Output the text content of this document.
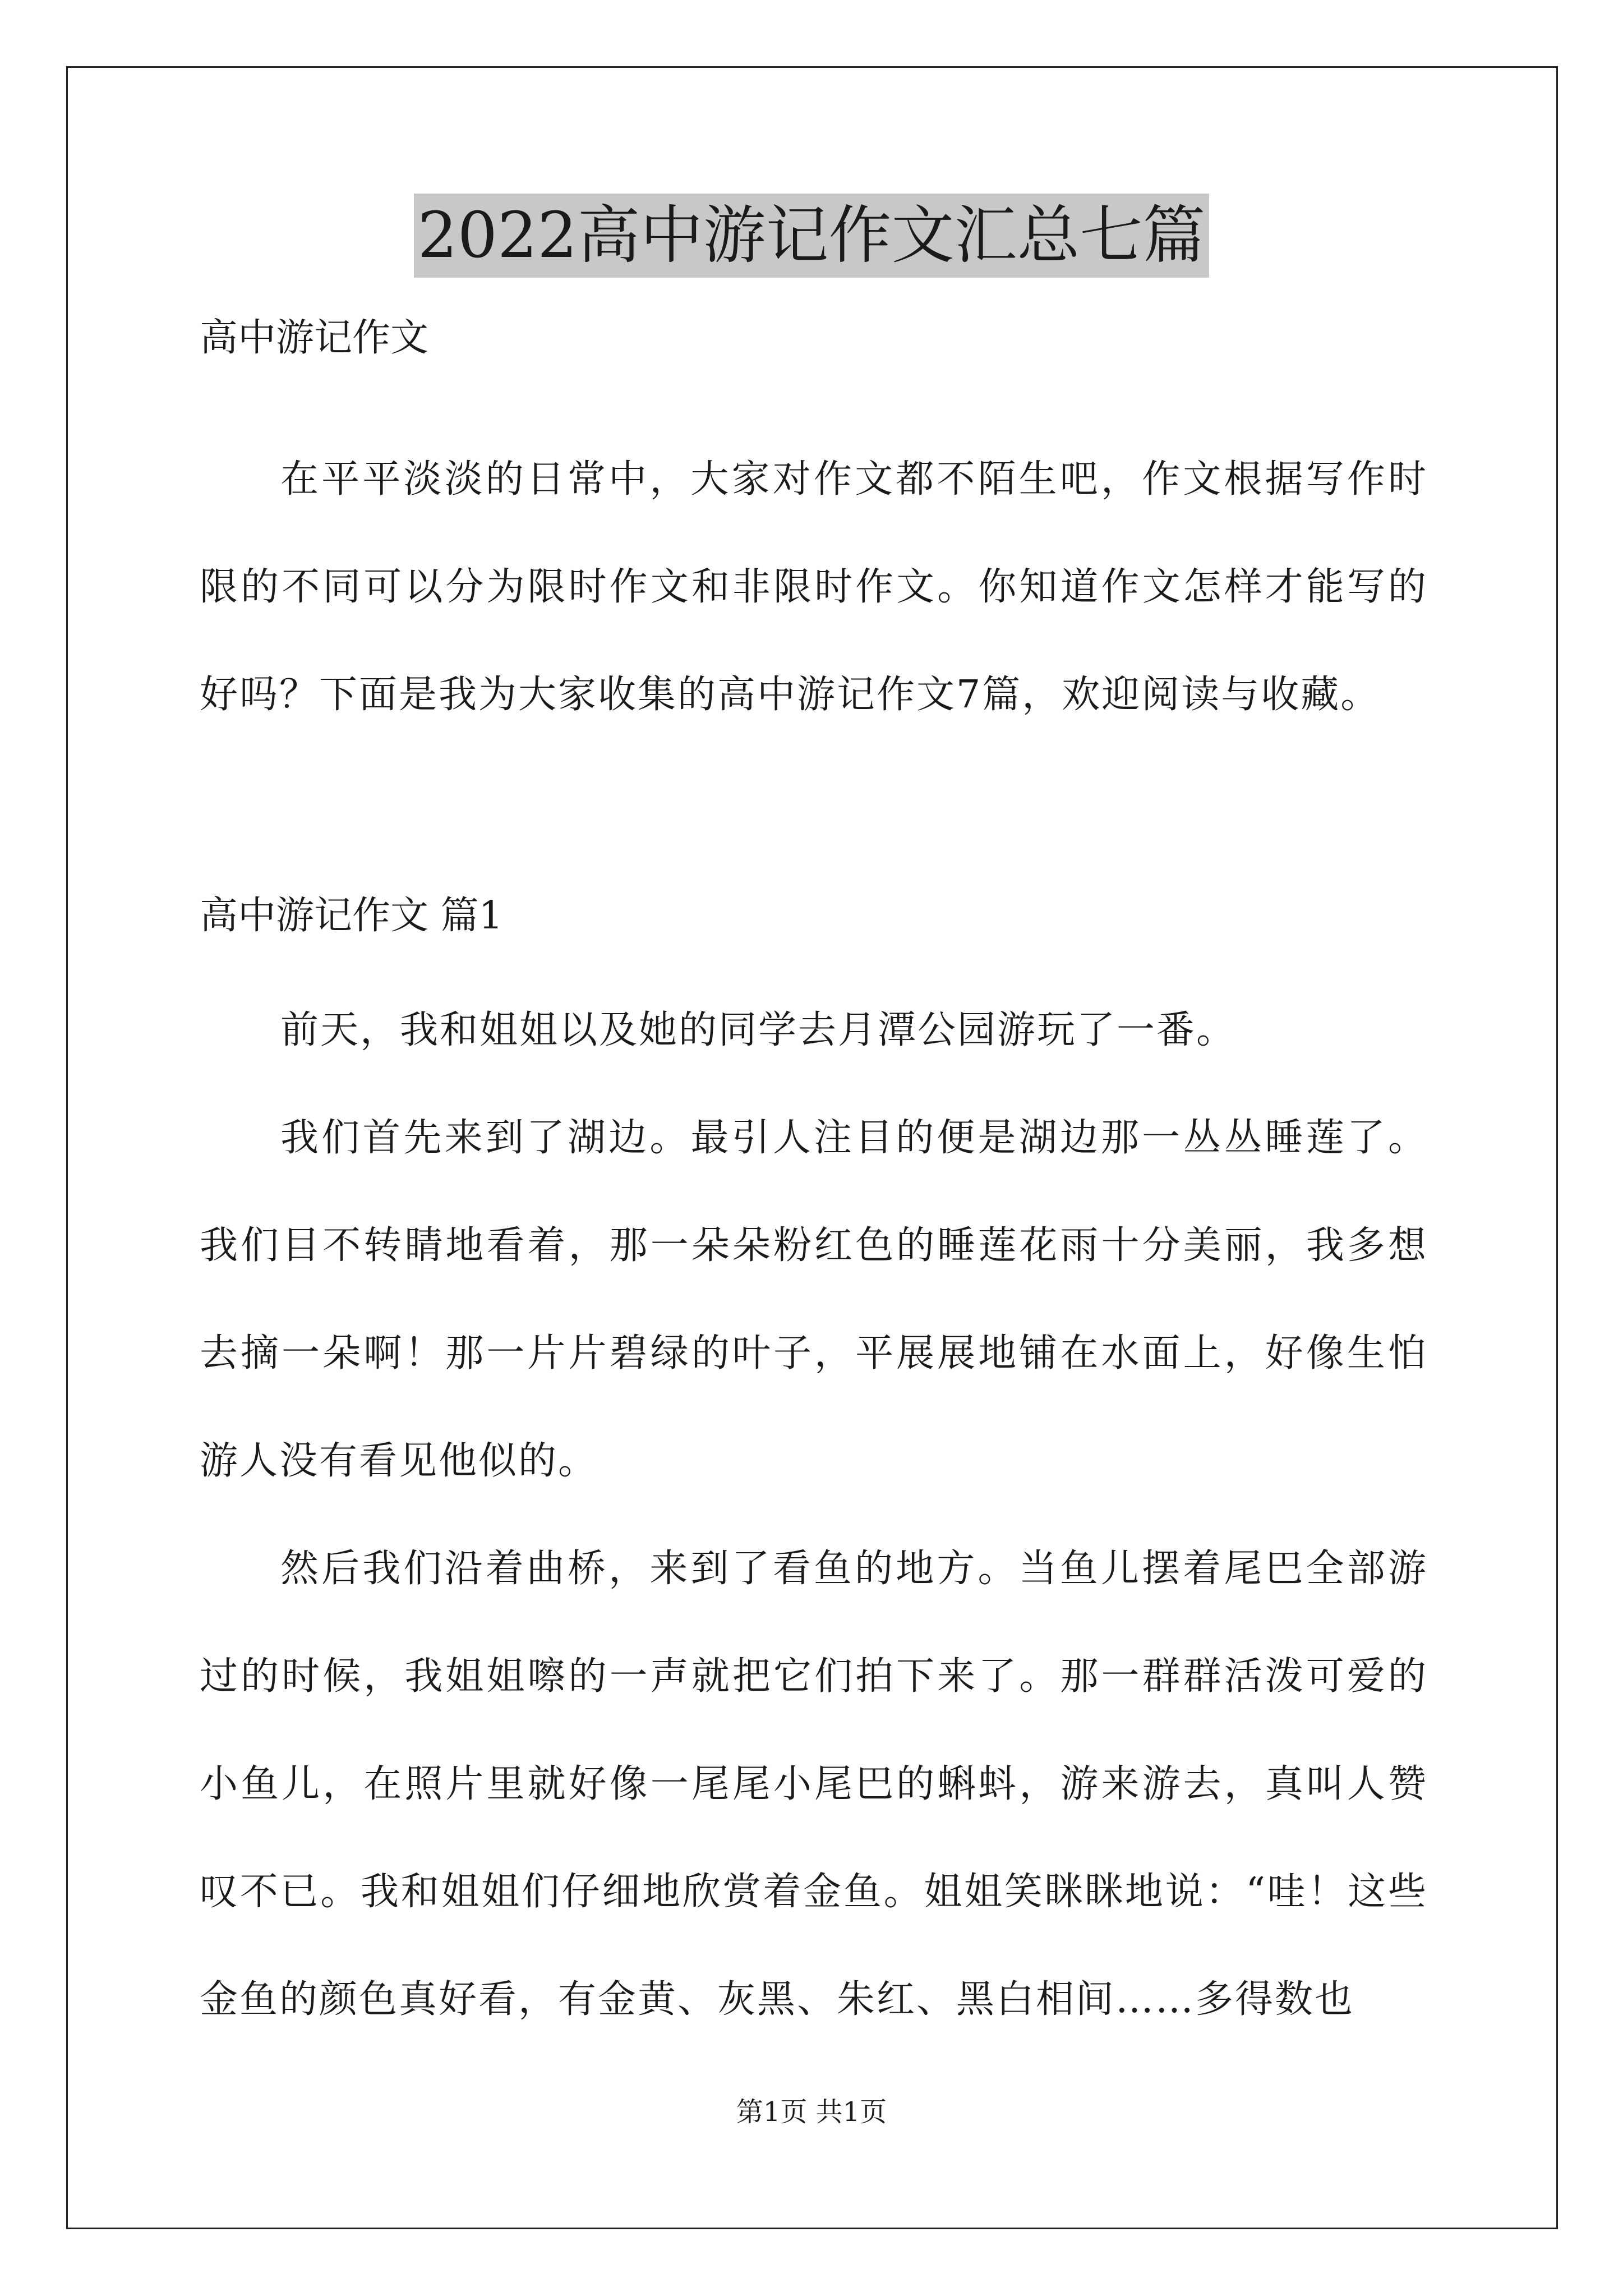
2022高中游记作文汇总七篇

高中游记作文

在平平淡淡的日常中，大家对作文都不陌生吧，作文根据写作时限的不同可以分为限时作文和非限时作文。你知道作文怎样才能写的好吗？下面是我为大家收集的高中游记作文7篇，欢迎阅读与收藏。

高中游记作文 篇1

前天，我和姐姐以及她的同学去月潭公园游玩了一番。

我们首先来到了湖边。最引人注目的便是湖边那一丛丛睡莲了。我们目不转睛地看着，那一朵朵粉红色的睡莲花雨十分美丽，我多想去摘一朵啊！那一片片碧绿的叶子，平展展地铺在水面上，好像生怕游人没有看见他似的。

然后我们沿着曲桥，来到了看鱼的地方。当鱼儿摆着尾巴全部游过的时候，我姐姐嚓的一声就把它们拍下来了。那一群群活泼可爱的小鱼儿，在照片里就好像一尾尾小尾巴的蝌蚪，游来游去，真叫人赞叹不已。我和姐姐们仔细地欣赏着金鱼。姐姐笑眯眯地说：“哇！这些金鱼的颜色真好看，有金黄、灰黑、朱红、黑白相间……多得数也

第1页 共1页
